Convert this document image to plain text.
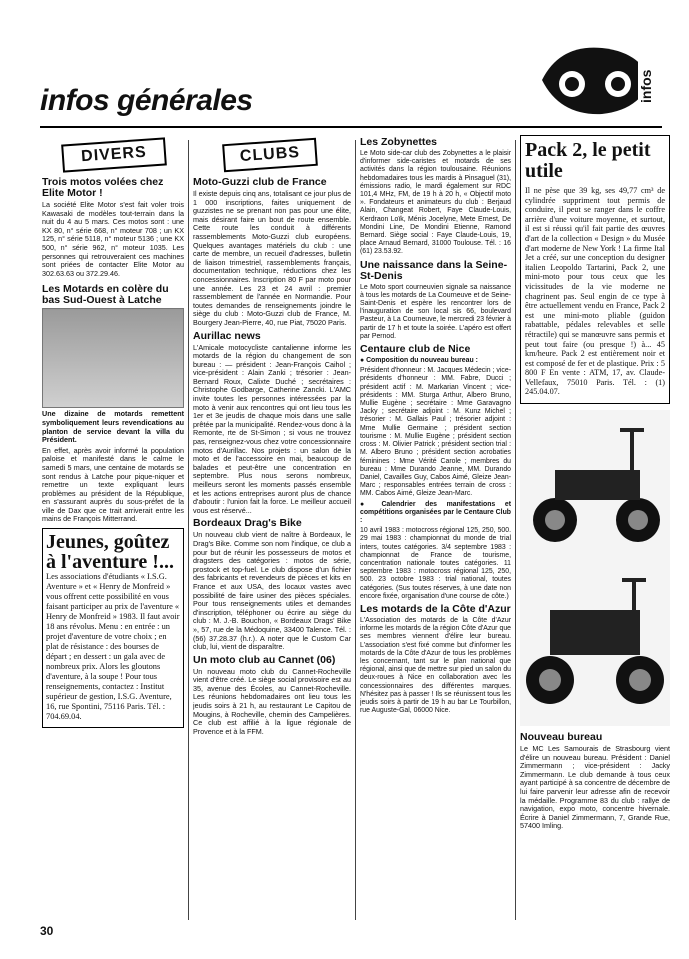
infos générales	infos
DIVERS
Trois motos volées chez Elite Motor !

La société Elite Motor s'est fait voler trois Kawasaki de modèles tout-terrain dans la nuit du 4 au 5 mars. Ces motos sont : une KX 80, n° série 668, n° moteur 708 ; un KX 125, n° série 5118, n° moteur 5136 ; une KX 500, n° série 962, n° moteur 1035. Les personnes qui retrouveraient ces machines sont priées de contacter Elite Motor au 302.63.63 ou 372.29.46.

Les Motards en colère du bas Sud-Ouest à Latche

Une dizaine de motards remettent symboliquement leurs revendications au planton de service devant la villa du Président.

En effet, après avoir informé la population paloise et manifesté dans le calme le samedi 5 mars, une centaine de motards se sont rendus à Latche pour pique-niquer et remettre un texte expliquant leurs problèmes au président de la République, en s'assurant auprès du sous-préfet de la ville de Dax que ce trait arriverait entre les mains de François Mitterrand.

Jeunes, goûtez à l'aventure !...

Les associations d'étudiants « I.S.G. Aventure » et « Henry de Monfreid » vous offrent cette possibilité en vous faisant participer au prix de l'aventure « Henry de Monfreid » 1983. Il faut avoir 18 ans révolus. Menu : en entrée : un projet d'aventure de votre choix ; en plat de résistance : des bourses de départ ; en dessert : un gala avec de nombreux prix. Alors les gloutons d'aventure, à la soupe ! Pour tous renseignements, contactez : Institut supérieur de gestion, I.S.G. Aventure, 16, rue Spontini, 75116 Paris. Tél. : 704.69.04.

CLUBS
Moto-Guzzi club de France

Il existe depuis cinq ans, totalisant ce jour plus de 1 000 inscriptions, faites uniquement de guzzistes ne se prenant non pas pour une élite, mais désirant faire un bout de route ensemble. Cette route les conduit à différents rassemblements Moto-Guzzi club européens. Quelques avantages matériels du club : une carte de membre, un recueil d'adresses, bulletin de liaison trimestriel, rassemblements français, documentation technique, réductions chez les concessionnaires. Inscription 80 F par moto pour une année. Les 23 et 24 avril : premier rassemblement de l'année en Normandie. Pour toutes demandes de renseignements joindre le siège du club : Moto-Guzzi club de France, M. Bourgery Jean-Pierre, 40, rue Piat, 75020 Paris.

Aurillac news

L'Amicale motocycliste cantalienne informe les motards de la région du changement de son bureau : — président : Jean-François Caihol ; vice-président : Alain Zanki ; trésorier : Jean-Bernard Roux, Calixte Duché ; secrétaires : Christophe Godbarge, Catherine Zancki. L'AMC invite toutes les personnes intéressées par la moto à venir aux rencontres qui ont lieu tous les 1er et 3e jeudis de chaque mois dans une salle prêtée par la municipalité. Rendez-vous donc à la Remonte, rte de St-Simon ; si vous ne trouvez pas, renseignez-vous chez votre concessionnaire motos d'Aurillac. Nos projets : un salon de la moto et de l'accessoire en mai, beaucoup de balades et peut-être une concentration en septembre. Plus nous serons nombreux, meilleurs seront les moments passés ensemble et les actions entreprises auront plus de chance d'aboutir : l'union fait la force. Le meilleur accueil vous est réservé...

Bordeaux Drag's Bike

Un nouveau club vient de naître à Bordeaux, le Drag's Bike. Comme son nom l'indique, ce club a pour but de réunir les possesseurs de motos et dragsters des catégories : motos de série, prostock et top-fuel. Le club dispose d'un fichier des fabricants et revendeurs de pièces et kits en France et aux USA, des locaux vastes avec possibilité de faire usiner des pièces spéciales. Pour tous renseignements utiles et demandes d'inscription, téléphoner ou écrire au siège du club : M. J.-B. Bouchon, « Bordeaux Drags' Bike », 57, rue de la Médoquine, 33400 Talence. Tél. : (56) 37.28.37 (h.r.). A noter que le Custom Car club, lui, vient de disparaître.

Un moto club au Cannet (06)

Un nouveau moto club du Cannet-Rocheville vient d'être créé. Le siège social provisoire est au 35, avenue des Écoles, au Cannet-Rocheville. Les réunions hebdomadaires ont lieu tous les jeudis soirs à 21 h, au restaurant Le Capitou de Mougins, à Rocheville, chemin des Campelières. Ce club est affilié à la ligue régionale de Provence et à la FFM.

Les Zobynettes

Le Moto side-car club des Zobynettes a le plaisir d'informer side-caristes et motards de ses activités dans la région toulousaine. Réunions hebdomadaires tous les mardis à Pinsaguel (31), émissions radio, le mardi également sur RDC 101,4 MHz, FM, de 19 h à 20 h, « Objectif moto ». Fondateurs et animateurs du club : Berjaud Alain, Changeat Robert, Faye Claude-Louis, Kerdraon Loïk, Ménis Jocelyne, Mete Ernest, De Mondini Line, De Mondini Etienne, Ramond Bernard. Siège social : Faye Claude-Louis, 19, place Arnaud Bernard, 31000 Toulouse. Tél. : 16 (61) 23.53.92.

Une naissance dans la Seine-St-Denis

Le Moto sport courneuvien signale sa naissance à tous les motards de La Courneuve et de Seine-Saint-Denis et espère les rencontrer lors de l'inauguration de son local sis 66, boulevard Pasteur, à La Courneuve, le mercredi 23 février à partir de 17 h et toute la soirée. L'apéro est offert par Pernod.

Centaure club de Nice

● Composition du nouveau bureau :

Président d'honneur : M. Jacques Médecin ; vice-présidents d'honneur : MM. Fabre, Ducci ; président actif : M. Markarian Vincent ; vice-présidents : MM. Sturga Arthur, Albero Bruno, Mullie Eugène ; secrétaire : Mme Garavagno Jacky ; secrétaire adjoint : M. Kunz Michel ; trésorier : M. Gallais Paul ; trésorier adjoint : Mme Mullie Germaine ; président section tourisme : M. Mullie Eugène ; président section cross : M. Olivier Patrick ; président section trial : M. Albero Bruno ; président section acrobaties féminines : Mme Vérité Carole ; membres du bureau : Mme Durando Jeanne, MM. Durando Daniel, Cavailles Guy, Cabos Aimé, Gleize Jean-Marc ; responsables entrées terrain de cross : MM. Cabos Aimé, Gleize Jean-Marc.

● Calendrier des manifestations et compétitions organisées par le Centaure Club :

10 avril 1983 : motocross régional 125, 250, 500. 29 mai 1983 : championnat du monde de trial inters, toutes catégories. 3/4 septembre 1983 : championnat de France de tourisme, concentration nationale toutes catégories. 11 septembre 1983 : motocross régional 125, 250, 500. 23 octobre 1983 : trial national, toutes catégories. (Sus toutes réserves, à une date non encore fixée, organisation d'une course de côte.)

Les motards de la Côte d'Azur

L'Association des motards de la Côte d'Azur informe les motards de la région Côte d'Azur que ses membres viennent d'élire leur bureau. L'association s'est fixé comme but d'informer les motards de la Côte d'Azur de tous les problèmes les concernant, tant sur le plan national que régional, ainsi que de mettre sur pied un salon du deux-roues à Nice en collaboration avec les concessionnaires des différentes marques. N'hésitez pas à passer ! Ils se réunissent tous les jeudis soirs à partir de 19 h au bar Le Tourbillon, rue Auguste-Gal, 06000 Nice.

Pack 2, le petit utile

Il ne pèse que 39 kg, ses 49,77 cm³ de cylindrée suppriment tout permis de conduire, il peut se ranger dans le coffre arrière d'une voiture moyenne, et surtout, il est si réussi qu'il fait partie des œuvres d'art de la collection « Design » du Musée d'art moderne de New York ! La firme Ital Jet a créé, sur une conception du designer italien Leopoldo Tartarini, Pack 2, une mini-moto pour tous ceux que les vicissitudes de la vie moderne ne chagrinent pas. Seul engin de ce type à être actuellement vendu en France, Pack 2 est une mini-moto pliable (guidon rabattable, pédales relevables et selle rétractile) qui se manœuvre sans permis et peut tout faire (ou presque !) à... 45 km/heure. Pack 2 est entièrement noir et est composé de fer et de plastique. Prix : 5 800 F En vente : ATM, 17, av. Claude-Vellefaux, 75010 Paris. Tél. : (1) 245.04.07.

Nouveau bureau

Le MC Les Samourais de Strasbourg vient d'élire un nouveau bureau. Président : Daniel Zimmermann ; vice-président : Jacky Zimmermann. Le club demande à tous ceux ayant participé à sa concentre de décembre de lui faire parvenir leur adresse afin de recevoir la médaille. Programme 83 du club : rallye de navigation, expo moto, concentre hivernale. Écrire à Daniel Zimmermann, 7, Grande Rue, 57400 Imling.

30
